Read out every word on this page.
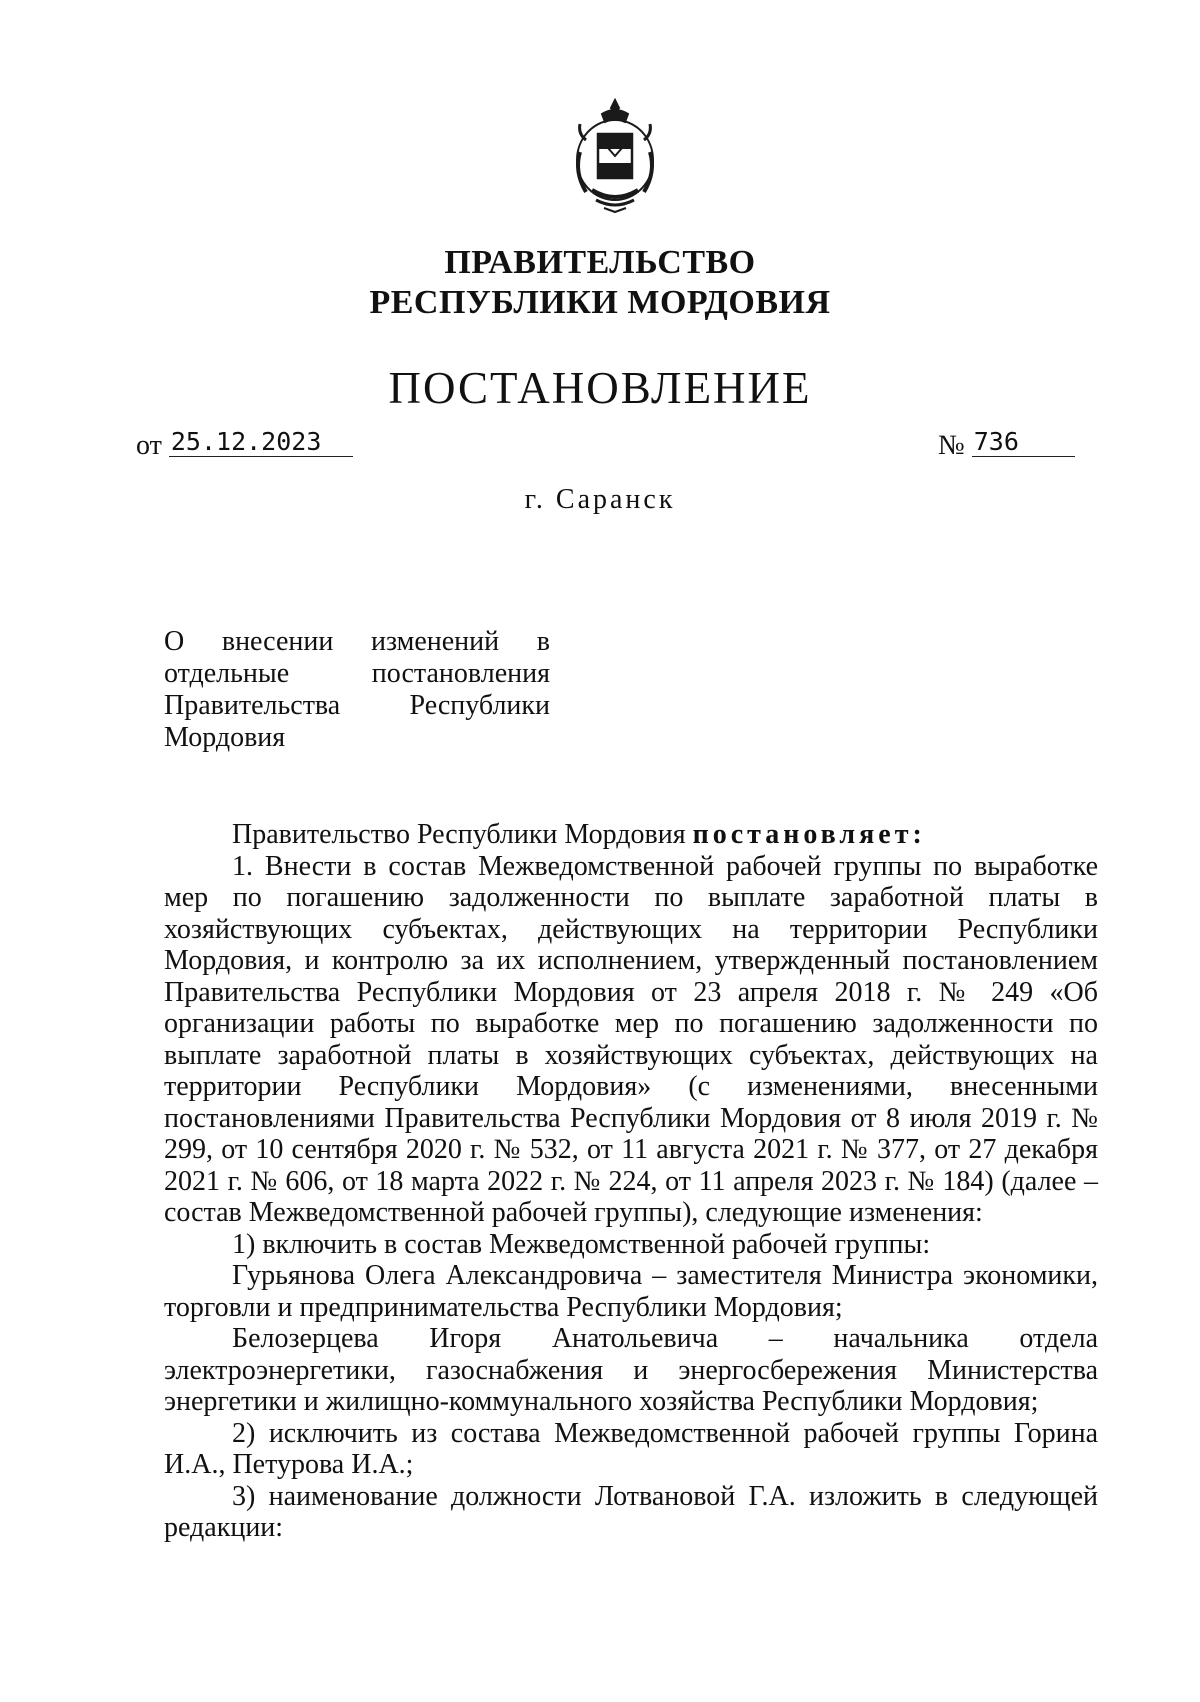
ПРАВИТЕЛЬСТВО
РЕСПУБЛИКИ МОРДОВИЯ
ПОСТАНОВЛЕНИЕ
от 25.12.2023	№ 736
г. Саранск
О внесении изменений в
отдельные постановления
Правительства Республики
Мордовия

Правительство Республики Мордовия постановляет:

1. Внести в состав Межведомственной рабочей группы по выработке мер по погашению задолженности по выплате заработной платы в хозяйствующих субъектах, действующих на территории Республики Мордовия, и контролю за их исполнением, утвержденный постановлением Правительства Республики Мордовия от 23 апреля 2018 г. № 249 «Об организации работы по выработке мер по погашению задолженности по выплате заработной платы в хозяйствующих субъектах, действующих на территории Республики Мордовия» (с изменениями, внесенными постановлениями Правительства Республики Мордовия от 8 июля 2019 г. № 299, от 10 сентября 2020 г. № 532, от 11 августа 2021 г. № 377, от 27 декабря 2021 г. № 606, от 18 марта 2022 г. № 224, от 11 апреля 2023 г. № 184) (далее – состав Межведомственной рабочей группы), следующие изменения:

1) включить в состав Межведомственной рабочей группы:

Гурьянова Олега Александровича – заместителя Министра экономики, торговли и предпринимательства Республики Мордовия;

Белозерцева Игоря Анатольевича – начальника отдела электроэнергетики, газоснабжения и энергосбережения Министерства энергетики и жилищно-коммунального хозяйства Республики Мордовия;

2) исключить из состава Межведомственной рабочей группы Горина И.А., Петурова И.А.;

3) наименование должности Лотвановой Г.А. изложить в следующей редакции:
